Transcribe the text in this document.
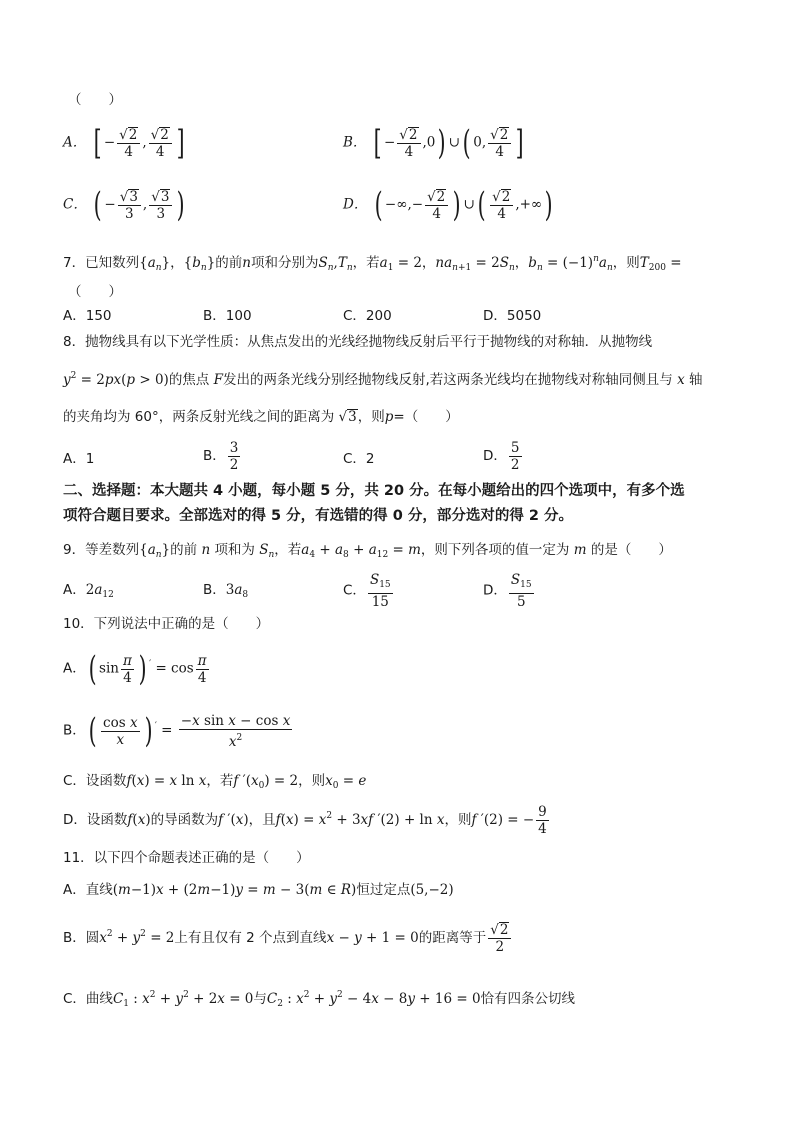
（　　）
A． [ − $\frac{√2}{4}$ , $\frac{√2}{4}$ ]	B． [ − $\frac{√2}{4} ,0$) ∪( 0, $\frac{√2}{4}$ ]
C． ( − $\frac{√3}{3}$ , $\frac{√3}{3}$ )	D． ( −∞,− $\frac{√2}{4}$ ) ∪( $\frac{√2}{4}$ ,+∞)
7．已知数列$\{a_n\}$，$\{b_n\}$的前n项和分别为$S_n,T_n$，若$a_1 = 2$，$na_{n+1} = 2S_n$，$b_n = (-1)^na_n$，则$T_{200}$ =
（　　）
A．150	B．100	C．200	D．5050
8．抛物线具有以下光学性质：从焦点发出的光线经抛物线反射后平行于抛物线的对称轴．从抛物线
$y^2 = 2px(p > 0)$的焦点 F发出的两条光线分别经抛物线反射,若这两条光线均在抛物线对称轴同侧且与 x 轴
的夹角均为 60°，两条反射光线之间的距离为 √3，则p=（　　）
A．1	B． $\frac{3}{2}$	C．2	D． $\frac{5}{2}$
二、选择题：本大题共 4 小题，每小题 5 分，共 20 分。在每小题给出的四个选项中，有多个选
项符合题目要求。全部选对的得 5 分，有选错的得 0 分，部分选对的得 2 分。
9．等差数列$\{a_n\}$的前 n 项和为 $S_n$，若$a_4 + a_8 + a_{12} = m$，则下列各项的值一定为 m 的是（　　）
A．$2a_{12}$	B．$3a_8$	C． $\frac{S_{15}}{15}$	D． $\frac{S_{15}}{5}$
10．下列说法中正确的是（　　）
A．( $\sin \frac{\pi}{4}$ ) $' = \cos \frac{\pi}{4}$
B．( $\frac{\text{cos x}}{x}$ ) $' = \frac{\text{−x sin x − cos x}}{x^2}$
C．设函数f(x) = x ln x，若f $'(x_0) = 2$，则$x_0 = e$
D．设函数f(x)的导函数为f ′(x)，且$f(x) = x^2 + 3xf$ ′(2) + ln x，则f ′(2) = − $\frac{9}{4}$
11．以下四个命题表述正确的是（　　）
A．直线(m−1)x + (2m−1)y = m − 3(m ∈ R)恒过定点(5,−2)
B．圆$x^2 + y^2 = 2$上有且仅有 2 个点到直线x − y + 1 = 0的距离等于 $\frac{√2}{2}$
C．曲线$C_1$ : $x^2 + y^2 + 2x = 0$与$C_2$ : $x^2 + y^2 - 4x - 8y + 16 = 0$恰有四条公切线
